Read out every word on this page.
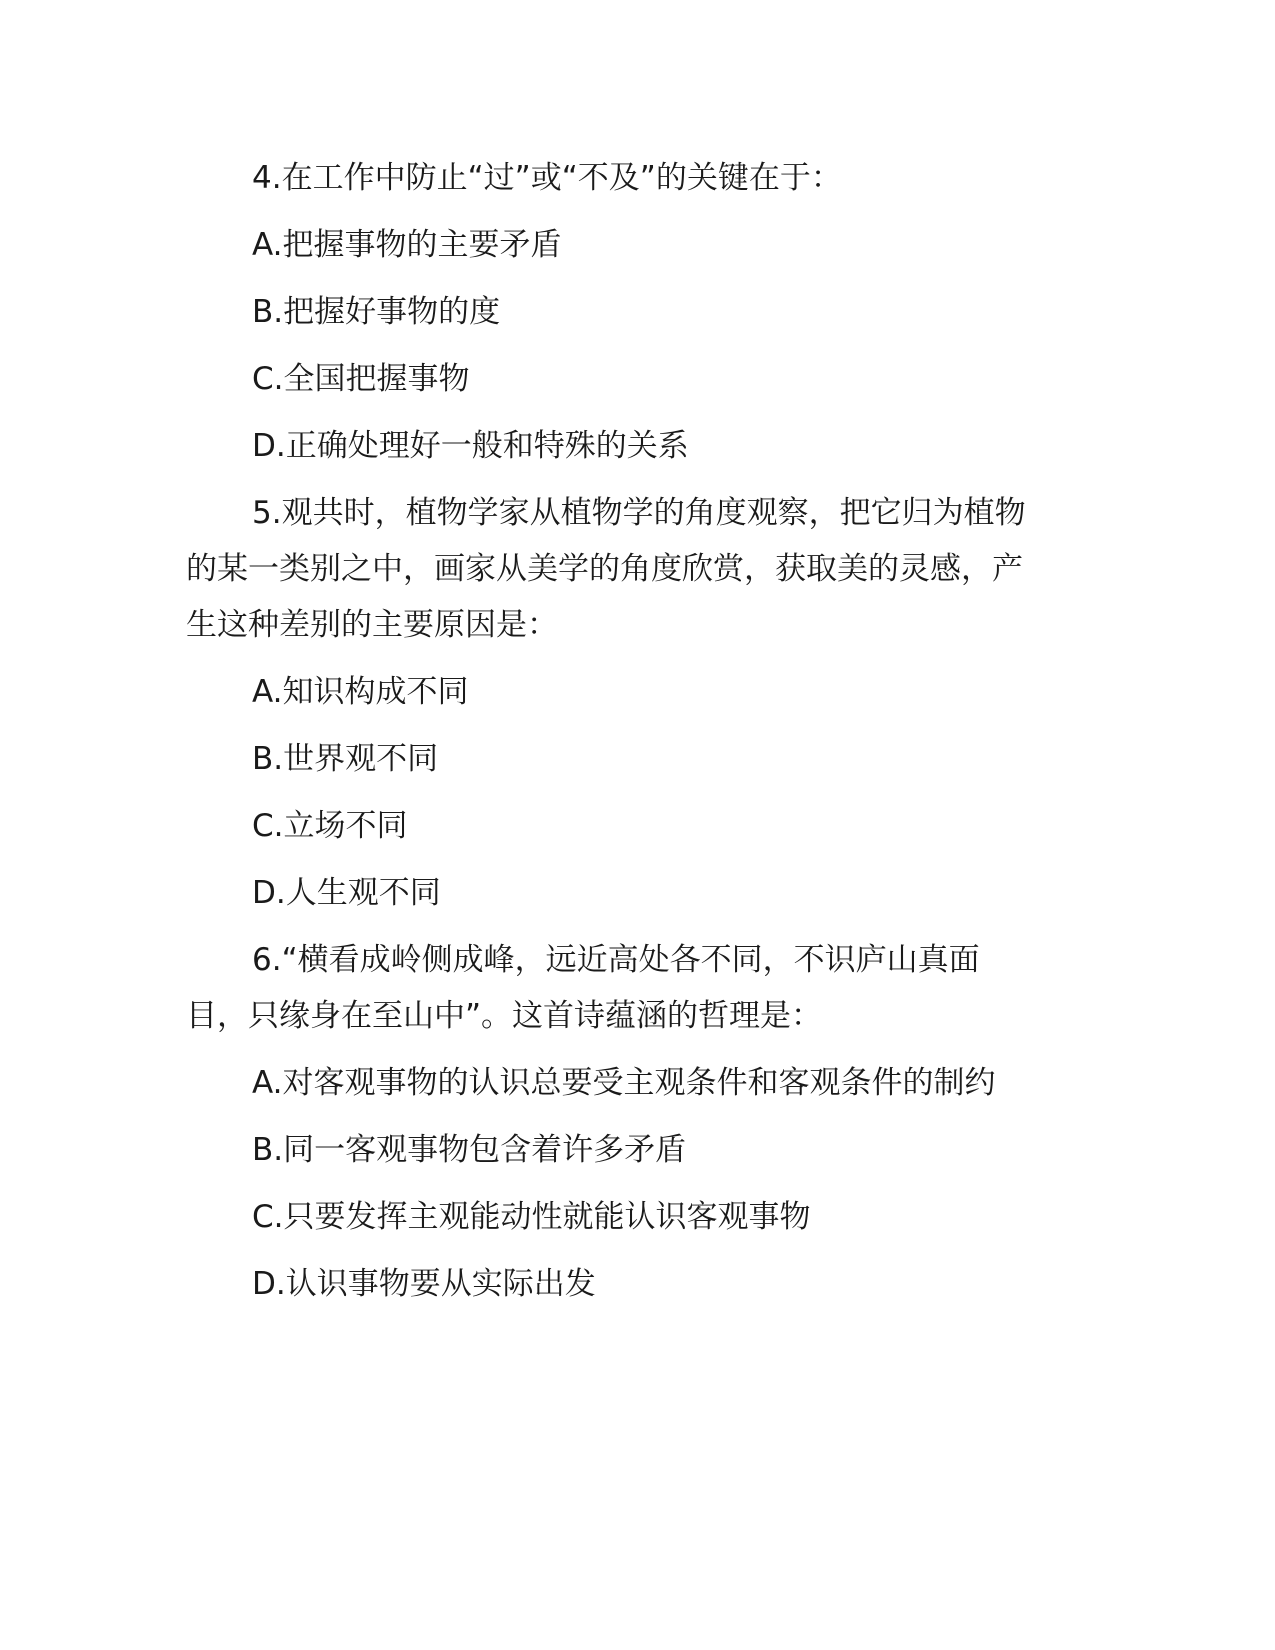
4.在工作中防止“过”或“不及”的关键在于：
A.把握事物的主要矛盾
B.把握好事物的度
C.全国把握事物
D.正确处理好一般和特殊的关系
5.观共时，植物学家从植物学的角度观察，把它归为植物
的某一类别之中，画家从美学的角度欣赏，获取美的灵感，产
生这种差别的主要原因是：
A.知识构成不同
B.世界观不同
C.立场不同
D.人生观不同
6.“横看成岭侧成峰，远近高处各不同，不识庐山真面
目，只缘身在至山中”。这首诗蕴涵的哲理是：
A.对客观事物的认识总要受主观条件和客观条件的制约
B.同一客观事物包含着许多矛盾
C.只要发挥主观能动性就能认识客观事物
D.认识事物要从实际出发
